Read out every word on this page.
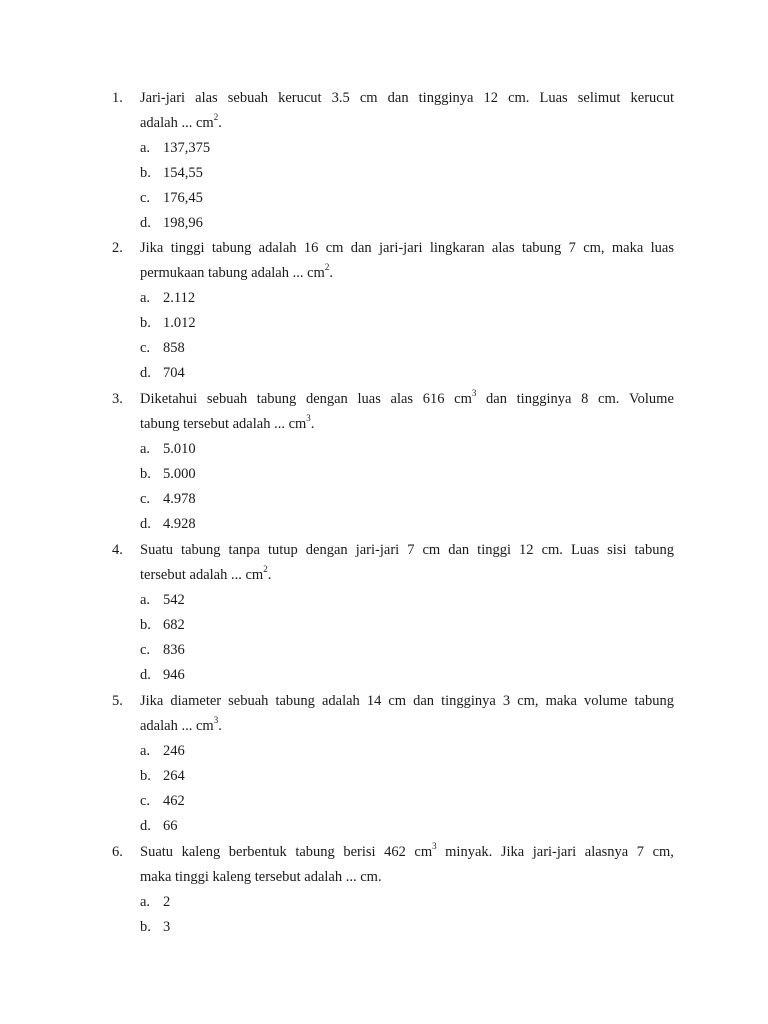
1.	Jari-jari alas sebuah kerucut 3.5 cm dan tingginya 12 cm. Luas selimut kerucut
adalah ... $cm^2$.
a. 137,375
b. 154,55
c. 176,45
d. 198,96
2.	Jika tinggi tabung adalah 16 cm dan jari-jari lingkaran alas tabung 7 cm, maka luas
permukaan tabung adalah ... $cm^2$.
a. 2.112
b. 1.012
c. 858
d. 704
3.	Diketahui sebuah tabung dengan luas alas 616 $cm^3$ dan tingginya 8 cm. Volume
tabung tersebut adalah ... $cm^3$.
a. 5.010
b. 5.000
c. 4.978
d. 4.928
4.	Suatu tabung tanpa tutup dengan jari-jari 7 cm dan tinggi 12 cm. Luas sisi tabung
tersebut adalah ... $cm^2$.
a. 542
b. 682
c. 836
d. 946
5.	Jika diameter sebuah tabung adalah 14 cm dan tingginya 3 cm, maka volume tabung
adalah ... $cm^3$.
a. 246
b. 264
c. 462
d. 66
6.	Suatu kaleng berbentuk tabung berisi 462 $cm^3$ minyak. Jika jari-jari alasnya 7 cm,
maka tinggi kaleng tersebut adalah ... cm.
a. 2
b. 3
